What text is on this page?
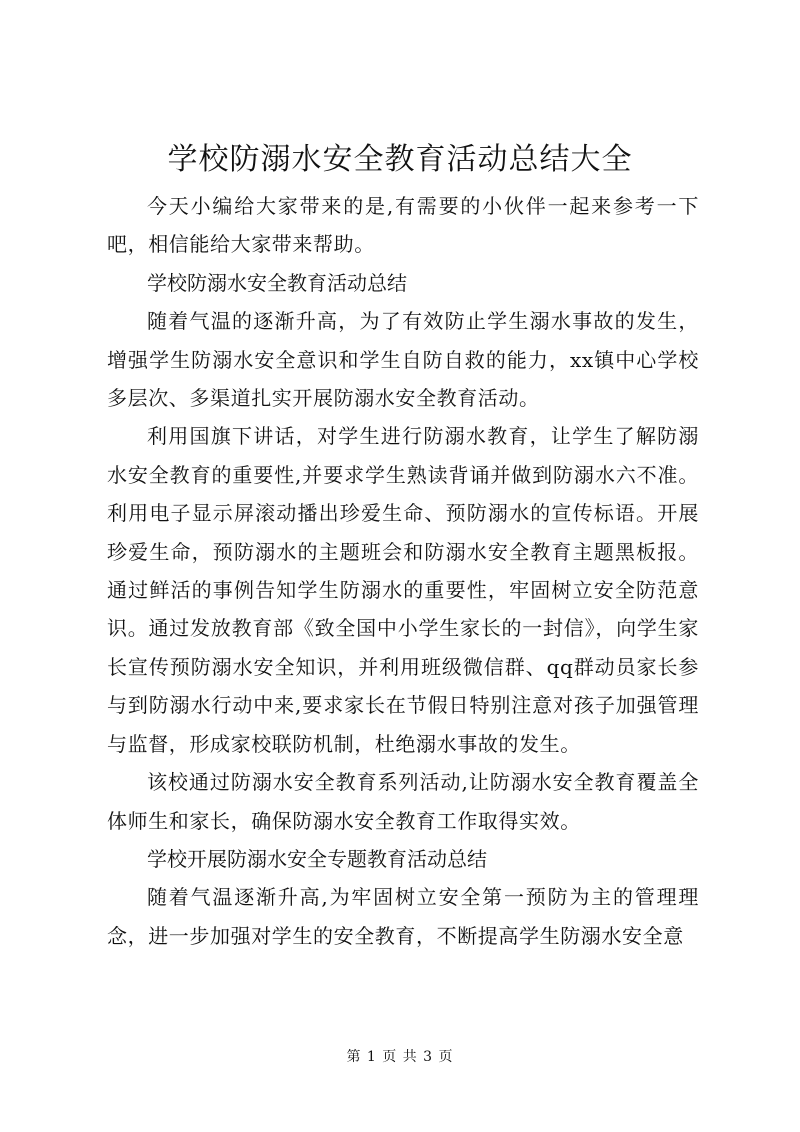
学校防溺水安全教育活动总结大全

今天小编给大家带来的是,有需要的小伙伴一起来参考一下吧，相信能给大家带来帮助。

学校防溺水安全教育活动总结

随着气温的逐渐升高，为了有效防止学生溺水事故的发生，增强学生防溺水安全意识和学生自防自救的能力，xx镇中心学校多层次、多渠道扎实开展防溺水安全教育活动。

利用国旗下讲话，对学生进行防溺水教育，让学生了解防溺水安全教育的重要性,并要求学生熟读背诵并做到防溺水六不准。利用电子显示屏滚动播出珍爱生命、预防溺水的宣传标语。开展珍爱生命，预防溺水的主题班会和防溺水安全教育主题黑板报。通过鲜活的事例告知学生防溺水的重要性，牢固树立安全防范意识。通过发放教育部《致全国中小学生家长的一封信》，向学生家长宣传预防溺水安全知识，并利用班级微信群、qq群动员家长参与到防溺水行动中来,要求家长在节假日特别注意对孩子加强管理与监督，形成家校联防机制，杜绝溺水事故的发生。

该校通过防溺水安全教育系列活动,让防溺水安全教育覆盖全体师生和家长，确保防溺水安全教育工作取得实效。

学校开展防溺水安全专题教育活动总结

随着气温逐渐升高,为牢固树立安全第一预防为主的管理理念，进一步加强对学生的安全教育，不断提高学生防溺水安全意

第 1 页 共 3 页
